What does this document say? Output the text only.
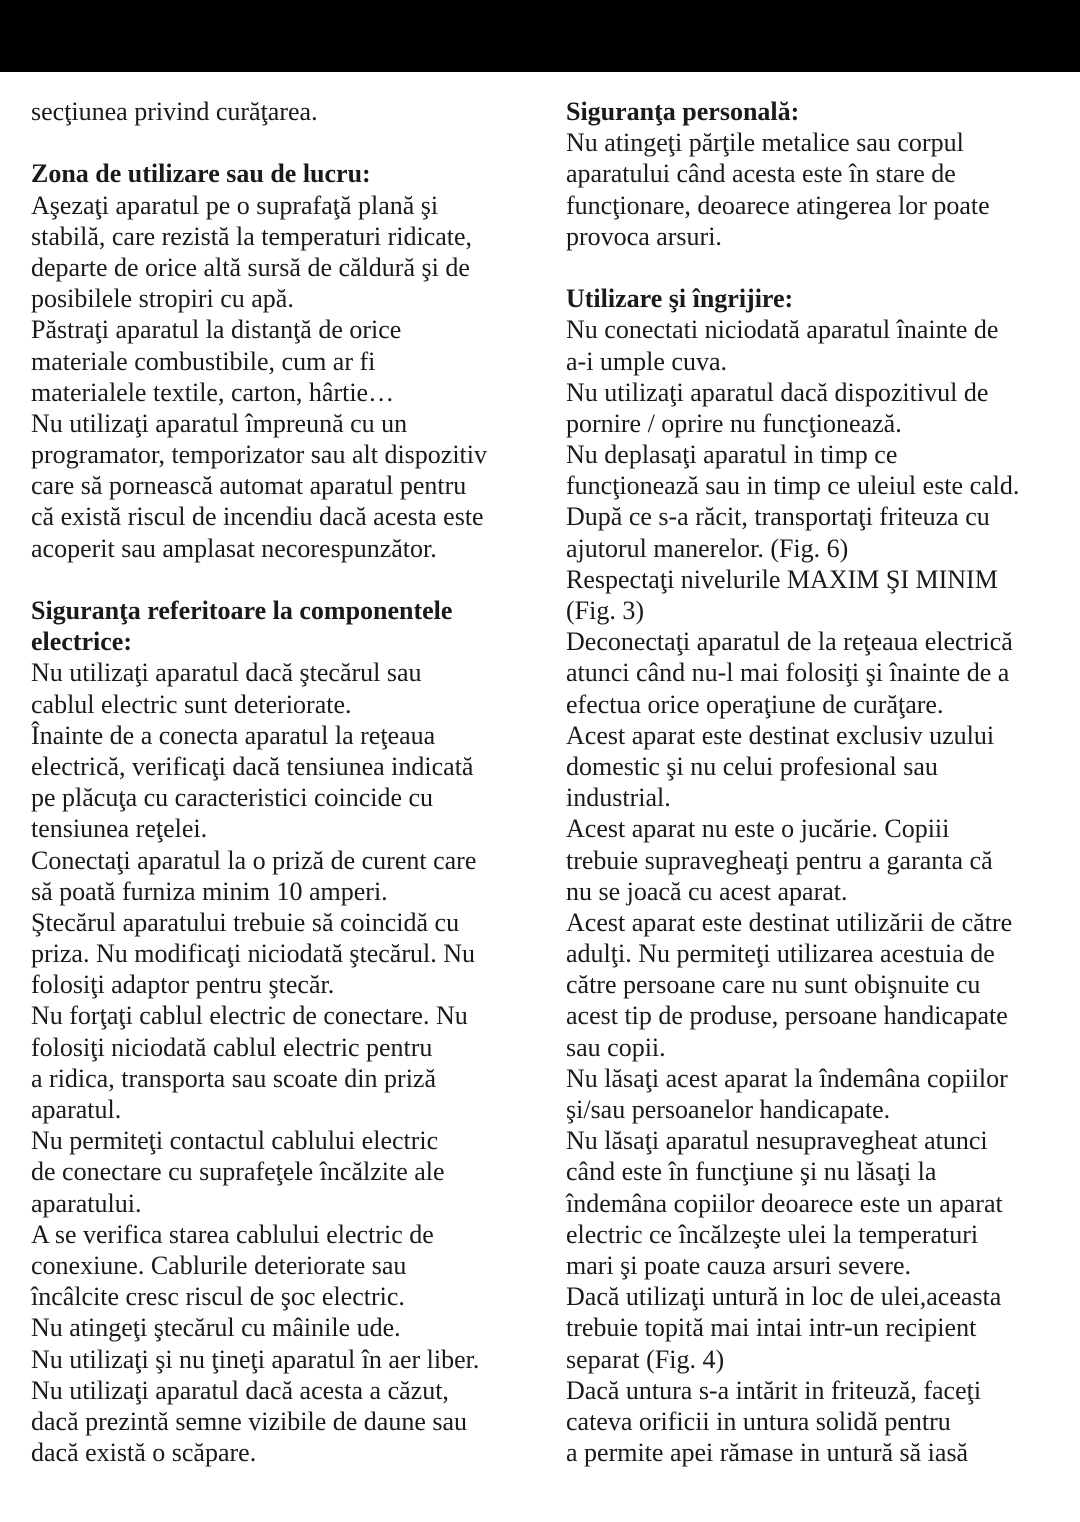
secţiunea privind curăţarea.
Zona de utilizare sau de lucru:
Aşezaţi aparatul pe o suprafaţă plană şi
stabilă, care rezistă la temperaturi ridicate,
departe de orice altă sursă de căldură şi de
posibilele stropiri cu apă.
Păstraţi aparatul la distanţă de orice
materiale combustibile, cum ar fi
materialele textile, carton, hârtie…
Nu utilizaţi aparatul împreună cu un
programator, temporizator sau alt dispozitiv
care să pornească automat aparatul pentru
că există riscul de incendiu dacă acesta este
acoperit sau amplasat necorespunzător.
Siguranţa referitoare la componentele
electrice:
Nu utilizaţi aparatul dacă ştecărul sau
cablul electric sunt deteriorate.
Înainte de a conecta aparatul la reţeaua
electrică, verificaţi dacă tensiunea indicată
pe plăcuţa cu caracteristici coincide cu
tensiunea reţelei.
Conectaţi aparatul la o priză de curent care
să poată furniza minim 10 amperi.
Ştecărul aparatului trebuie să coincidă cu
priza. Nu modificaţi niciodată ştecărul. Nu
folosiţi adaptor pentru ştecăr.
Nu forţaţi cablul electric de conectare. Nu
folosiţi niciodată cablul electric pentru
a ridica, transporta sau scoate din priză
aparatul.
Nu permiteţi contactul cablului electric
de conectare cu suprafeţele încălzite ale
aparatului.
A se verifica starea cablului electric de
conexiune. Cablurile deteriorate sau
încâlcite cresc riscul de şoc electric.
Nu atingeţi ştecărul cu mâinile ude.
Nu utilizaţi şi nu ţineţi aparatul în aer liber.
Nu utilizaţi aparatul dacă acesta a căzut,
dacă prezintă semne vizibile de daune sau
dacă există o scăpare.
Siguranţa personală:
Nu atingeţi părţile metalice sau corpul
aparatului când acesta este în stare de
funcţionare, deoarece atingerea lor poate
provoca arsuri.
Utilizare şi îngrijire:
Nu conectati niciodată aparatul înainte de
a-i umple cuva.
Nu utilizaţi aparatul dacă dispozitivul de
pornire / oprire nu funcţionează.
Nu deplasaţi aparatul in timp ce
funcţionează sau in timp ce uleiul este cald.
După ce s-a răcit, transportaţi friteuza cu
ajutorul manerelor. (Fig. 6)
Respectaţi nivelurile MAXIM ŞI MINIM
(Fig. 3)
Deconectaţi aparatul de la reţeaua electrică
atunci când nu-l mai folosiţi şi înainte de a
efectua orice operaţiune de curăţare.
Acest aparat este destinat exclusiv uzului
domestic şi nu celui profesional sau
industrial.
Acest aparat nu este o jucărie. Copiii
trebuie supravegheaţi pentru a garanta că
nu se joacă cu acest aparat.
Acest aparat este destinat utilizării de către
adulţi. Nu permiteţi utilizarea acestuia de
către persoane care nu sunt obişnuite cu
acest tip de produse, persoane handicapate
sau copii.
Nu lăsaţi acest aparat la îndemâna copiilor
şi/sau persoanelor handicapate.
Nu lăsaţi aparatul nesupravegheat atunci
când este în funcţiune şi nu lăsaţi la
îndemâna copiilor deoarece este un aparat
electric ce încălzeşte ulei la temperaturi
mari şi poate cauza arsuri severe.
Dacă utilizaţi untură in loc de ulei,aceasta
trebuie topită mai intai intr-un recipient
separat (Fig. 4)
Dacă untura s-a intărit in friteuză, faceţi
cateva orificii in untura solidă pentru
a permite apei rămase in untură să iasă
